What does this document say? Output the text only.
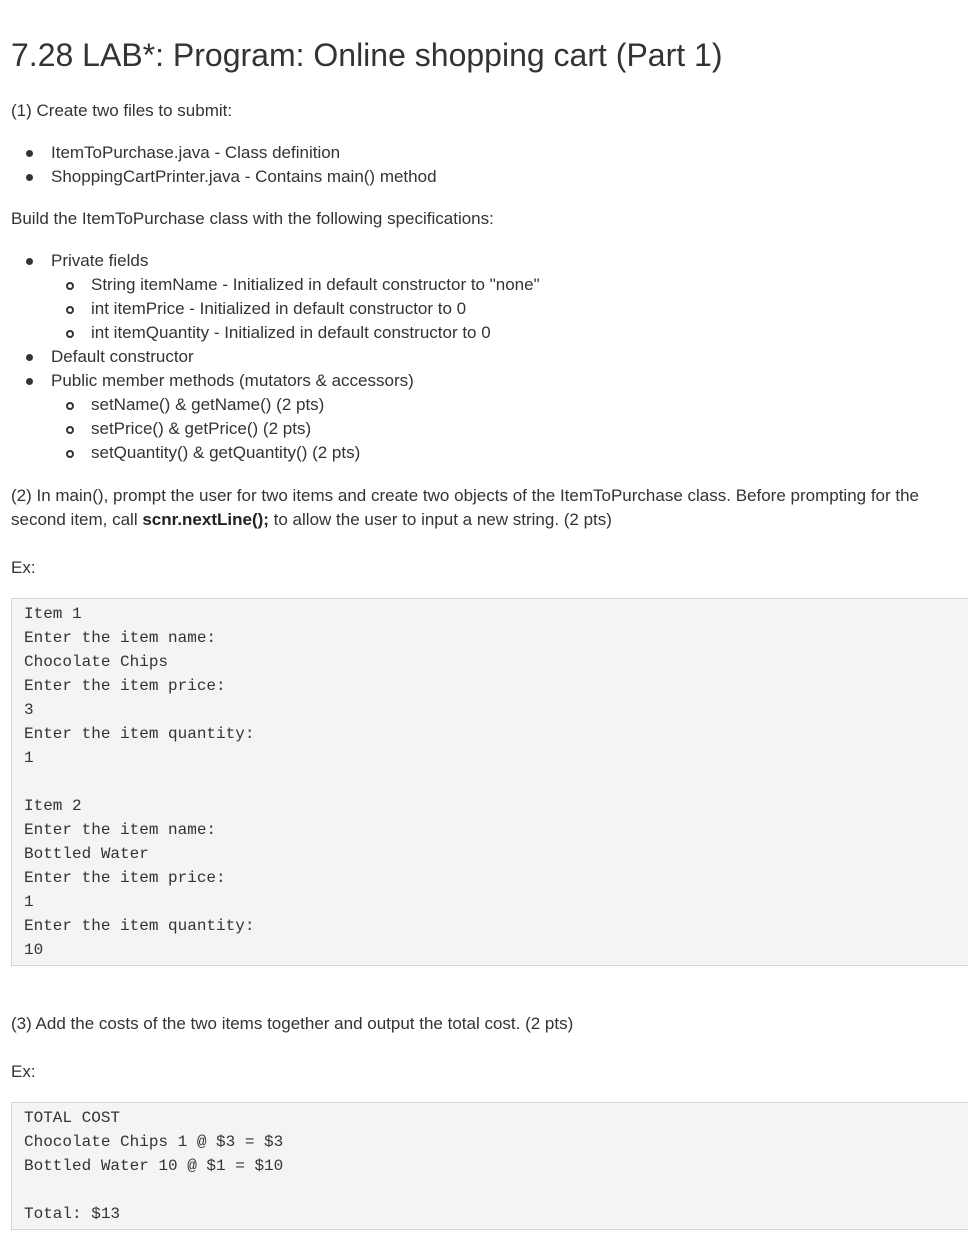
7.28 LAB*: Program: Online shopping cart (Part 1)

(1) Create two files to submit:

ItemToPurchase.java - Class definition
ShoppingCartPrinter.java - Contains main() method

Build the ItemToPurchase class with the following specifications:

Private fields
String itemName - Initialized in default constructor to "none"
int itemPrice - Initialized in default constructor to 0
int itemQuantity - Initialized in default constructor to 0
Default constructor
Public member methods (mutators & accessors)
setName() & getName() (2 pts)
setPrice() & getPrice() (2 pts)
setQuantity() & getQuantity() (2 pts)

(2) In main(), prompt the user for two items and create two objects of the ItemToPurchase class. Before prompting for the

second item, call scnr.nextLine(); to allow the user to input a new string. (2 pts)

Ex:

Item 1
Enter the item name:
Chocolate Chips
Enter the item price:
3
Enter the item quantity:
1
Item 2
Enter the item name:
Bottled Water
Enter the item price:
1
Enter the item quantity:
10

(3) Add the costs of the two items together and output the total cost. (2 pts)

Ex:

TOTAL COST
Chocolate Chips 1 @ $3 = $3
Bottled Water 10 @ $1 = $10
Total: $13
